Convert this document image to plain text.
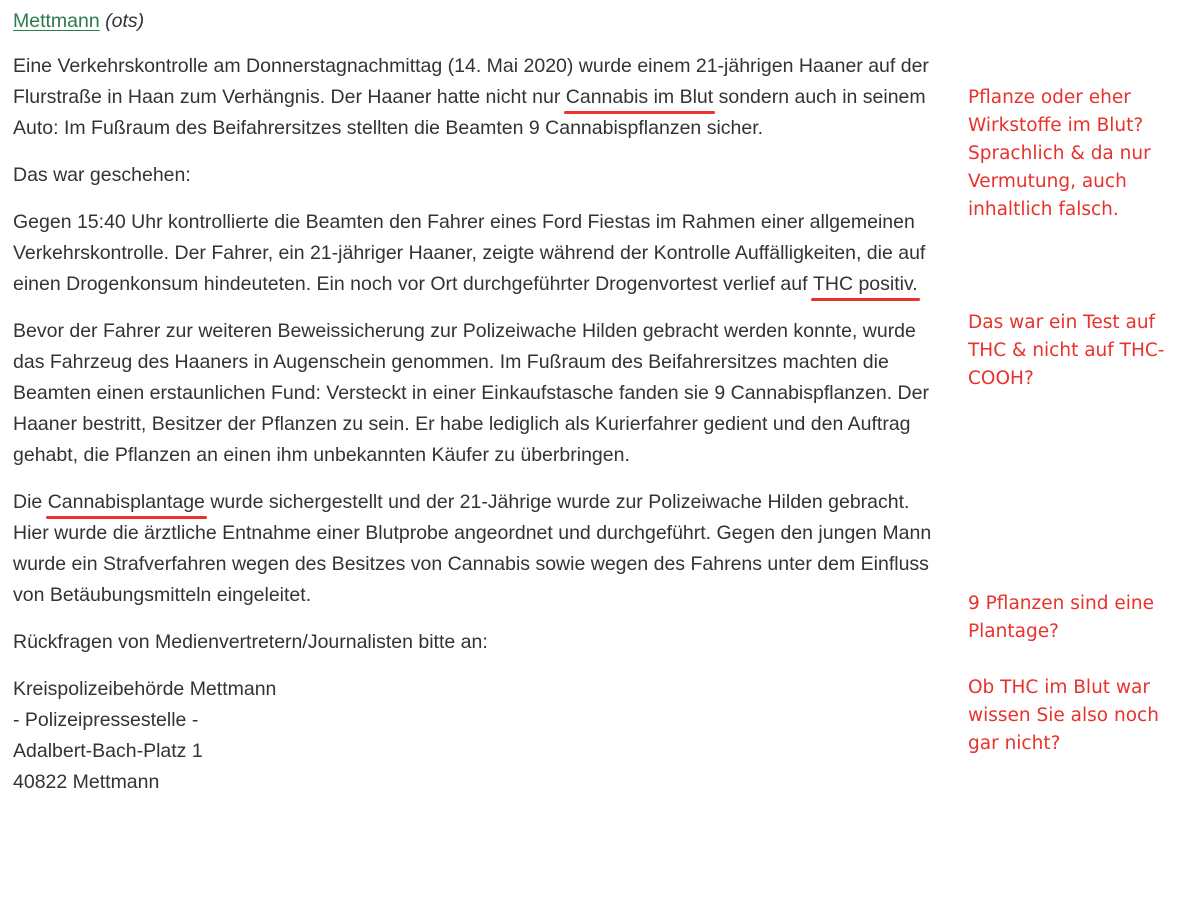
Mettmann (ots)

Eine Verkehrskontrolle am Donnerstagnachmittag (14. Mai 2020) wurde einem 21-jährigen Haaner auf der Flurstraße in Haan zum Verhängnis. Der Haaner hatte nicht nur Cannabis im Blut sondern auch in seinem Auto: Im Fußraum des Beifahrersitzes stellten die Beamten 9 Cannabispflanzen sicher.

Das war geschehen:

Gegen 15:40 Uhr kontrollierte die Beamten den Fahrer eines Ford Fiestas im Rahmen einer allgemeinen Verkehrskontrolle. Der Fahrer, ein 21-jähriger Haaner, zeigte während der Kontrolle Auffälligkeiten, die auf einen Drogenkonsum hindeuteten. Ein noch vor Ort durchgeführter Drogenvortest verlief auf THC positiv.

Bevor der Fahrer zur weiteren Beweissicherung zur Polizeiwache Hilden gebracht werden konnte, wurde das Fahrzeug des Haaners in Augenschein genommen. Im Fußraum des Beifahrersitzes machten die Beamten einen erstaunlichen Fund: Versteckt in einer Einkaufstasche fanden sie 9 Cannabispflanzen. Der Haaner bestritt, Besitzer der Pflanzen zu sein. Er habe lediglich als Kurierfahrer gedient und den Auftrag gehabt, die Pflanzen an einen ihm unbekannten Käufer zu überbringen.

Die Cannabisplantage wurde sichergestellt und der 21-Jährige wurde zur Polizeiwache Hilden gebracht. Hier wurde die ärztliche Entnahme einer Blutprobe angeordnet und durchgeführt. Gegen den jungen Mann wurde ein Strafverfahren wegen des Besitzes von Cannabis sowie wegen des Fahrens unter dem Einfluss von Betäubungsmitteln eingeleitet.

Rückfragen von Medienvertretern/Journalisten bitte an:

Kreispolizeibehörde Mettmann

- Polizeipressestelle -

Adalbert-Bach-Platz 1

40822 Mettmann

Pflanze oder eher Wirkstoffe im Blut? Sprachlich & da nur Vermutung, auch inhaltlich falsch.

Das war ein Test auf THC & nicht auf THC-COOH?

9 Pflanzen sind eine Plantage?

Ob THC im Blut war wissen Sie also noch gar nicht?
